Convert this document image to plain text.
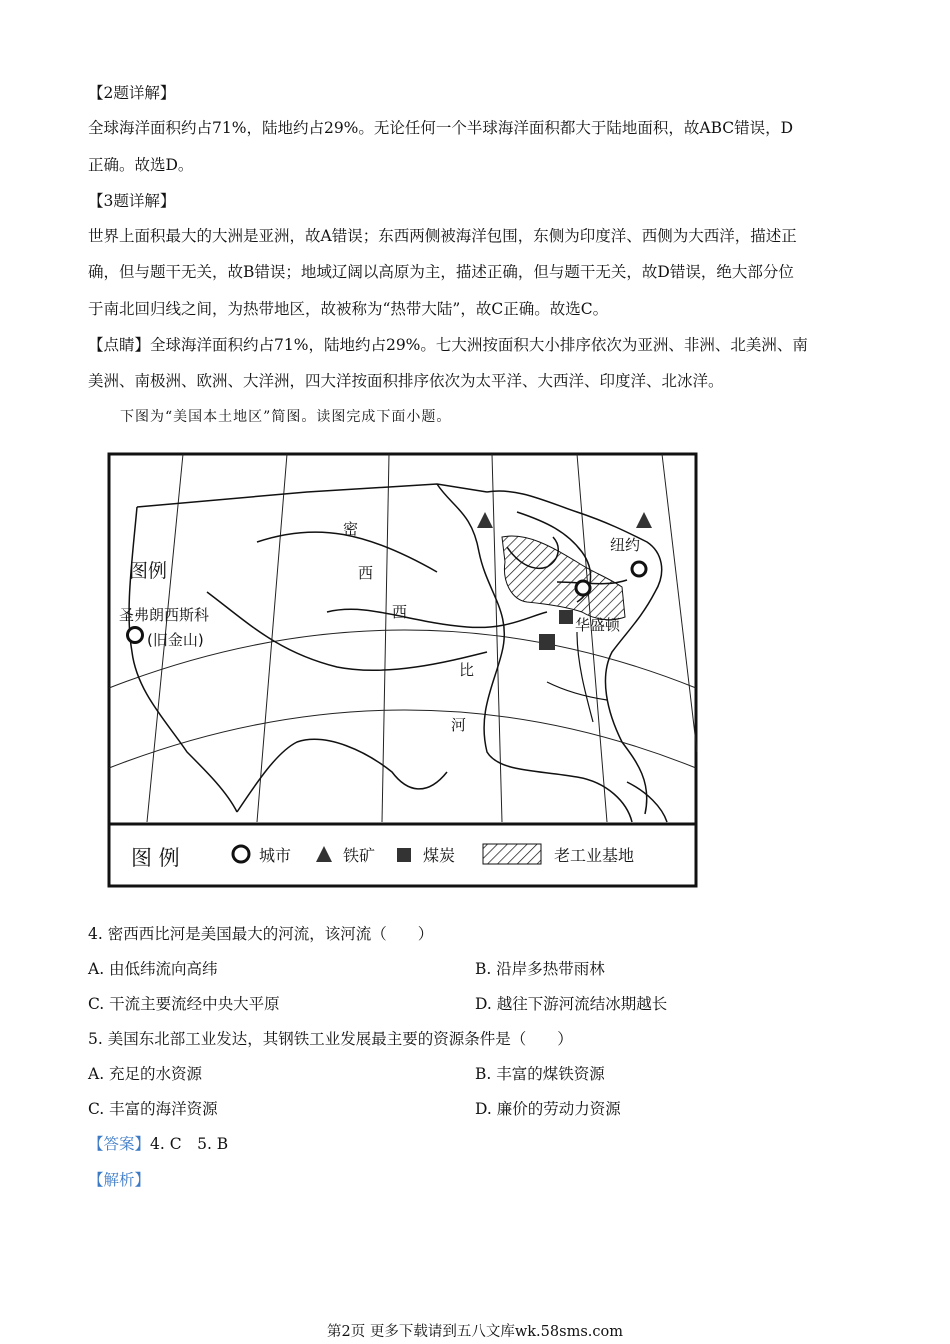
【2题详解】
全球海洋面积约占71%，陆地约占29%。无论任何一个半球海洋面积都大于陆地面积，故ABC错误，D
正确。故选D。
【3题详解】
世界上面积最大的大洲是亚洲，故A错误；东西两侧被海洋包围，东侧为印度洋、西侧为大西洋，描述正
确，但与题干无关，故B错误；地域辽阔以高原为主，描述正确，但与题干无关，故D错误，绝大部分位
于南北回归线之间，为热带地区，故被称为“热带大陆”，故C正确。故选C。
【点睛】全球海洋面积约占71%，陆地约占29%。七大洲按面积大小排序依次为亚洲、非洲、北美洲、南
美洲、南极洲、欧洲、大洋洲，四大洋按面积排序依次为太平洋、大西洋、印度洋、北冰洋。
下图为“美国本土地区”简图。读图完成下面小题。
密
西
西
比
河
图例
圣弗朗西斯科
(旧金山)
纽约
华盛顿
图 例	城市	铁矿	煤炭	老工业基地
4. 密西西比河是美国最大的河流，该河流（　　）
A. 由低纬流向高纬	B. 沿岸多热带雨林
C. 干流主要流经中央大平原	D. 越往下游河流结冰期越长
5. 美国东北部工业发达，其钢铁工业发展最主要的资源条件是（　　）
A. 充足的水资源	B. 丰富的煤铁资源
C. 丰富的海洋资源	D. 廉价的劳动力资源
【答案】4. C　5. B
【解析】
第2页 更多下载请到五八文库wk.58sms.com
